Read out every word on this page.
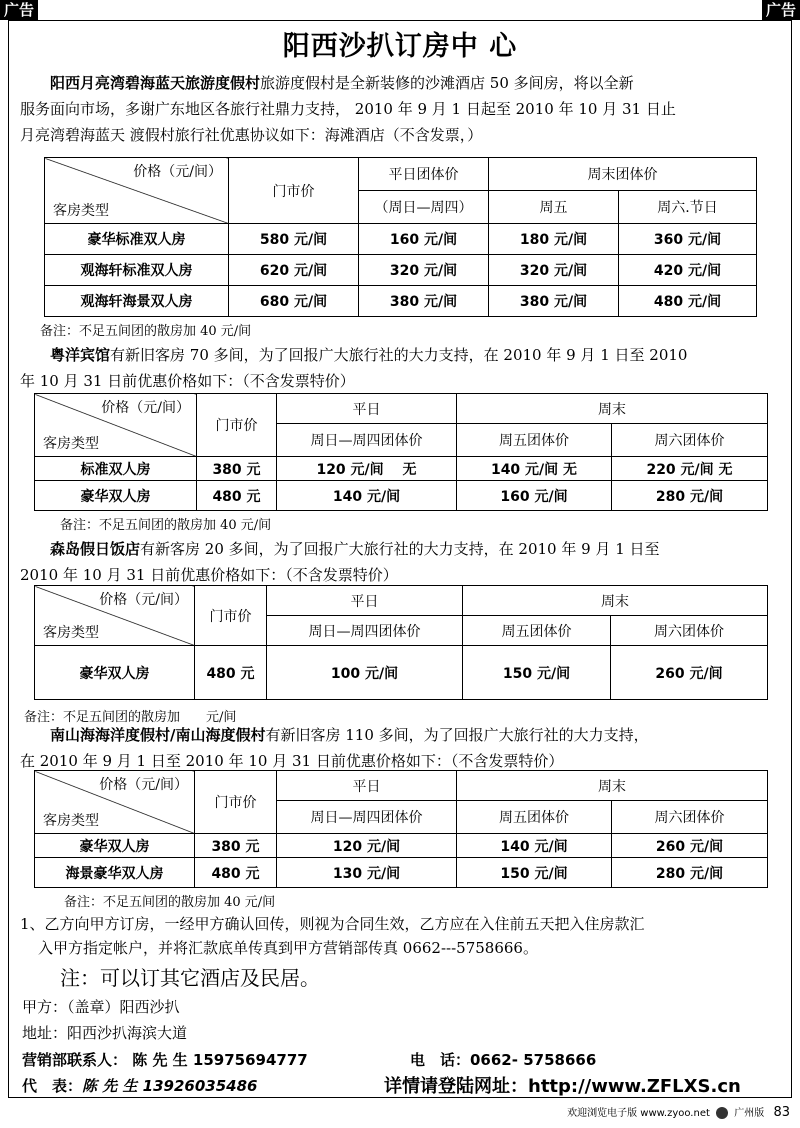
广告	广告
阳西沙扒订房中 心
阳西月亮湾碧海蓝天旅游度假村旅游度假村是全新装修的沙滩酒店 50 多间房，将以全新
服务面向市场，多谢广东地区各旅行社鼎力支持， 2010 年 9 月 1 日起至 2010 年 10 月 31 日止
月亮湾碧海蓝天 渡假村旅行社优惠协议如下：海滩酒店（不含发票，）
价格（元/间）
客房类型	门市价	平日团体价	周末团体价	
		（周日—周四）	周五	周六.节日
豪华标准双人房	580 元/间	160 元/间	180 元/间	360 元/间
观海轩标准双人房	620 元/间	320 元/间	320 元/间	420 元/间
观海轩海景双人房	680 元/间	380 元/间	380 元/间	480 元/间
备注：不足五间团的散房加 40 元/间
粤洋宾馆有新旧客房 70 多间，为了回报广大旅行社的大力支持，在 2010 年 9 月 1 日至 2010
年 10 月 31 日前优惠价格如下：（不含发票特价）
价格（元/间）
客房类型	门市价	平日	周末	
		周日—周四团体价	周五团体价	周六团体价
标准双人房	380 元	120 元/间　 无	140 元/间 无	220 元/间 无
豪华双人房	480 元	140 元/间	160 元/间	280 元/间
备注：不足五间团的散房加 40 元/间
森岛假日饭店有新客房 20 多间，为了回报广大旅行社的大力支持，在 2010 年 9 月 1 日至
2010 年 10 月 31 日前优惠价格如下：（不含发票特价）
价格（元/间）
客房类型	门市价	平日	周末	
		周日—周四团体价	周五团体价	周六团体价
豪华双人房	480 元	100 元/间	150 元/间	260 元/间
备注：不足五间团的散房加　　元/间
南山海海洋度假村/南山海度假村有新旧客房 110 多间，为了回报广大旅行社的大力支持，
在 2010 年 9 月 1 日至 2010 年 10 月 31 日前优惠价格如下：（不含发票特价）
价格（元/间）
客房类型	门市价	平日	周末	
		周日—周四团体价	周五团体价	周六团体价
豪华双人房	380 元	120 元/间	140 元/间	260 元/间
海景豪华双人房	480 元	130 元/间	150 元/间	280 元/间
备注：不足五间团的散房加 40 元/间
1、乙方向甲方订房，一经甲方确认回传，则视为合同生效，乙方应在入住前五天把入住房款汇
入甲方指定帐户，并将汇款底单传真到甲方营销部传真 0662---5758666。
注：可以订其它酒店及民居。
甲方：（盖章）阳西沙扒
地址：阳西沙扒海滨大道
营销部联系人： 陈 先 生 15975694777	电　话：0662- 5758666
代　表：陈 先 生 13926035486	详情请登陆网址：http://www.ZFLXS.cn
欢迎浏览电子版 www.zyoo.net 广州版 83
